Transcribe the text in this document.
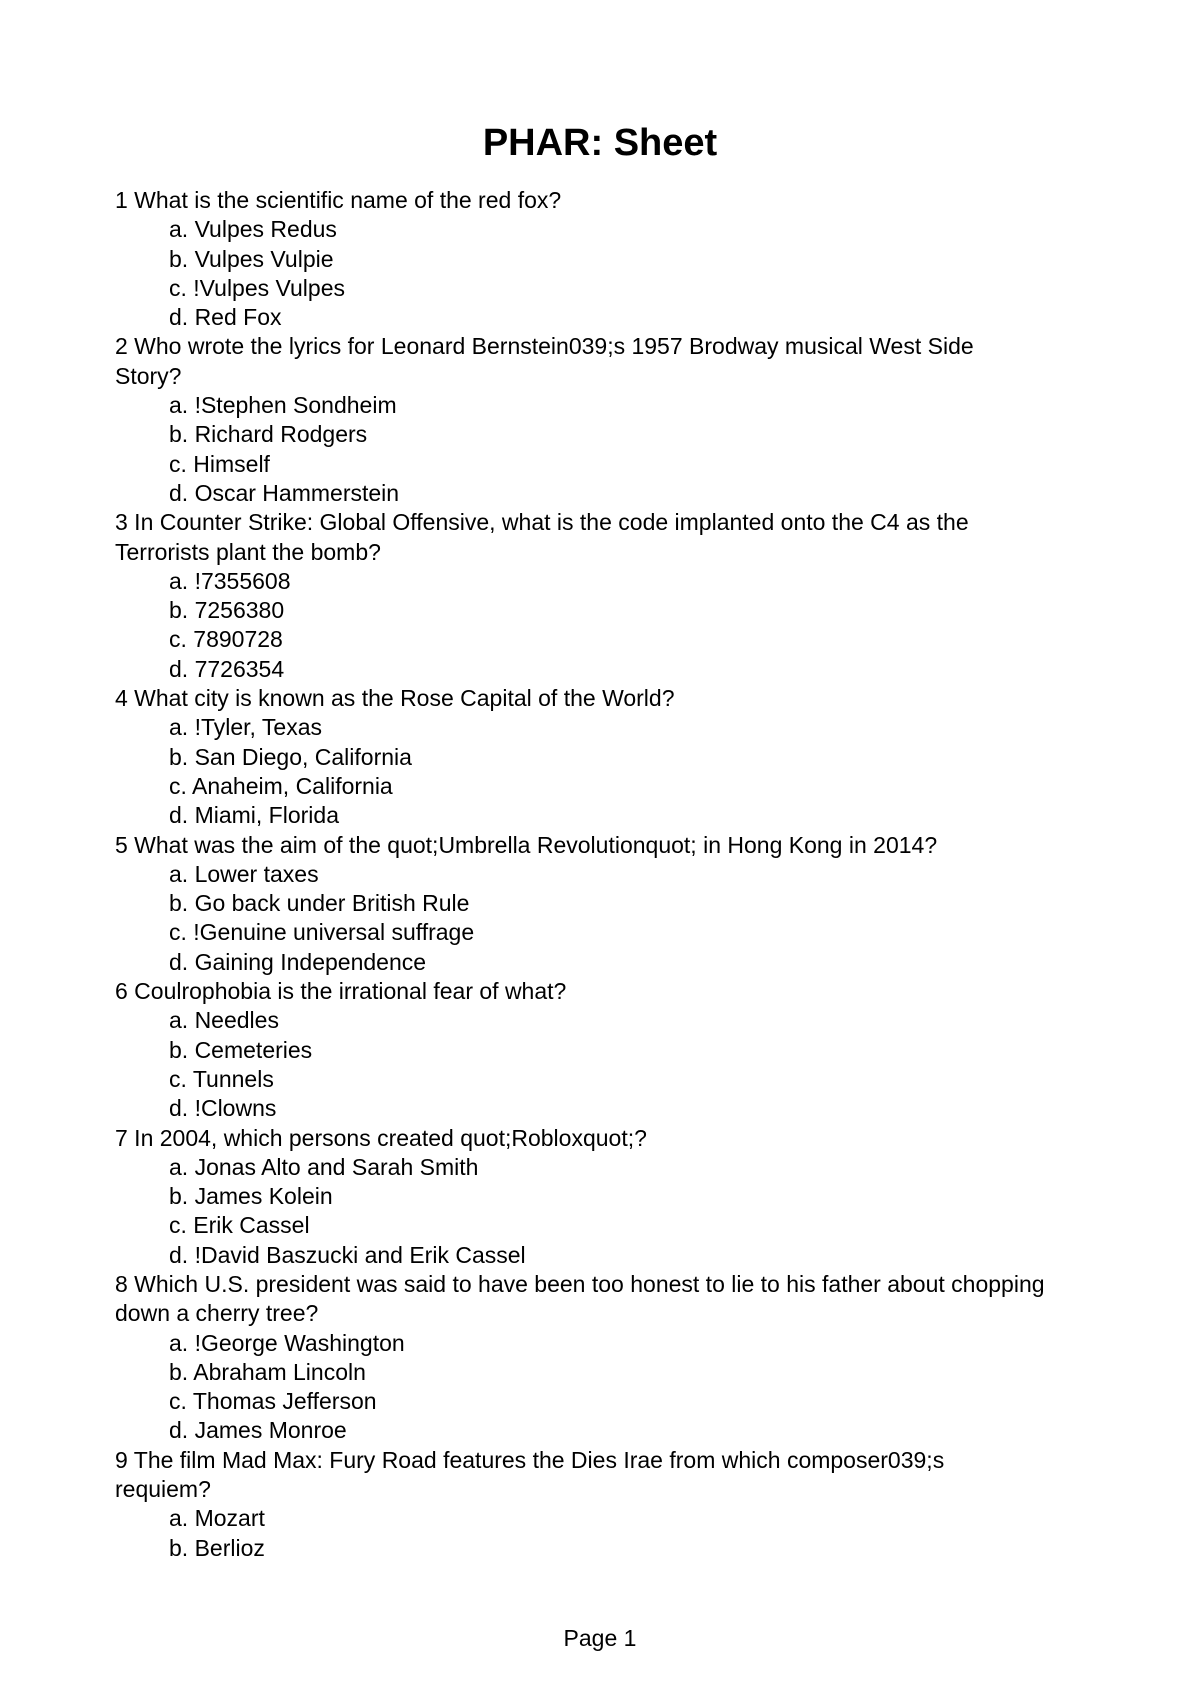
PHAR: Sheet

1 What is the scientific name of the red fox?

a. Vulpes Redus
b. Vulpes Vulpie
c. !Vulpes Vulpes
d. Red Fox

2 Who wrote the lyrics for Leonard Bernstein039;s 1957 Brodway musical West Side Story?

a. !Stephen Sondheim
b. Richard Rodgers
c. Himself
d. Oscar Hammerstein

3 In Counter Strike: Global Offensive, what is the code implanted onto the C4 as the Terrorists plant the bomb?

a. !7355608
b. 7256380
c. 7890728
d. 7726354

4 What city is known as the Rose Capital of the World?

a. !Tyler, Texas
b. San Diego, California
c. Anaheim, California
d. Miami, Florida

5 What was the aim of the quot;Umbrella Revolutionquot; in Hong Kong in 2014?

a. Lower taxes
b. Go back under British Rule
c. !Genuine universal suffrage
d. Gaining Independence

6 Coulrophobia is the irrational fear of what?

a. Needles
b. Cemeteries
c. Tunnels
d. !Clowns

7 In 2004, which persons created quot;Robloxquot;?

a. Jonas Alto and Sarah Smith
b. James Kolein
c. Erik Cassel
d. !David Baszucki and Erik Cassel

8 Which U.S. president was said to have been too honest to lie to his father about chopping down a cherry tree?

a. !George Washington
b. Abraham Lincoln
c. Thomas Jefferson
d. James Monroe

9 The film Mad Max: Fury Road features the Dies Irae from which composer039;s requiem?

a. Mozart
b. Berlioz
Page 1
